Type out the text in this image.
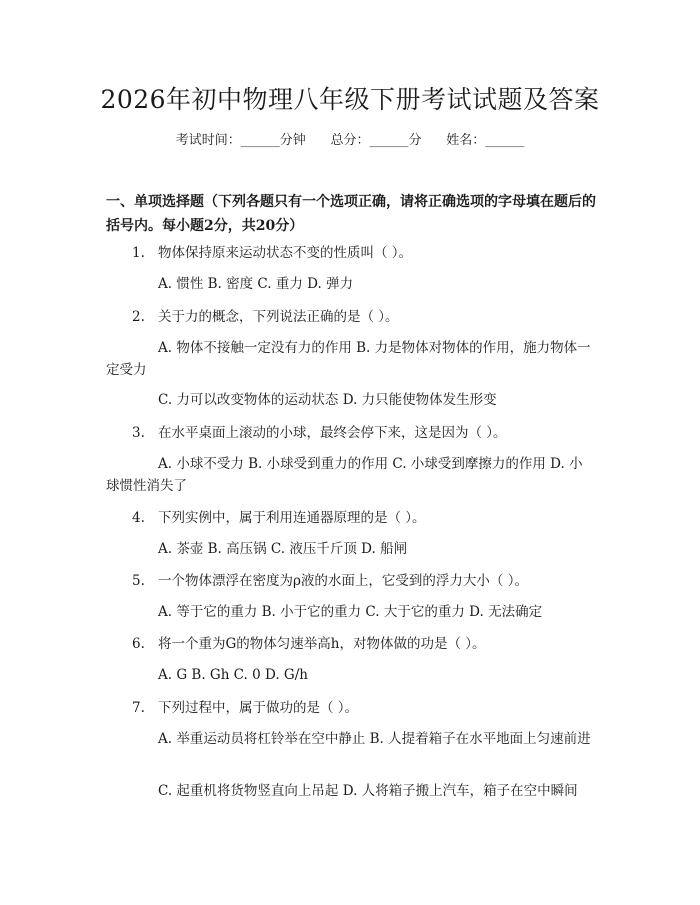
2026年初中物理八年级下册考试试题及答案
考试时间：______分钟      总分：______分      姓名：______
一、单项选择题（下列各题只有一个选项正确，请将正确选项的字母填在题后的括号内。每小题2分，共20分）
1. 物体保持原来运动状态不变的性质叫（ ）。
A. 惯性 B. 密度 C. 重力 D. 弹力
2. 关于力的概念，下列说法正确的是（ ）。
A. 物体不接触一定没有力的作用 B. 力是物体对物体的作用，施力物体一定受力
C. 力可以改变物体的运动状态 D. 力只能使物体发生形变
3. 在水平桌面上滚动的小球，最终会停下来，这是因为（ ）。
A. 小球不受力 B. 小球受到重力的作用 C. 小球受到摩擦力的作用 D. 小球惯性消失了
4. 下列实例中，属于利用连通器原理的是（ ）。
A. 茶壶 B. 高压锅 C. 液压千斤顶 D. 船闸
5. 一个物体漂浮在密度为ρ液的水面上，它受到的浮力大小（ ）。
A. 等于它的重力 B. 小于它的重力 C. 大于它的重力 D. 无法确定
6. 将一个重为G的物体匀速举高h，对物体做的功是（ ）。
A. G B. Gh C. 0 D. G/h
7. 下列过程中，属于做功的是（ ）。
A. 举重运动员将杠铃举在空中静止 B. 人提着箱子在水平地面上匀速前进
C. 起重机将货物竖直向上吊起 D. 人将箱子搬上汽车，箱子在空中瞬间
